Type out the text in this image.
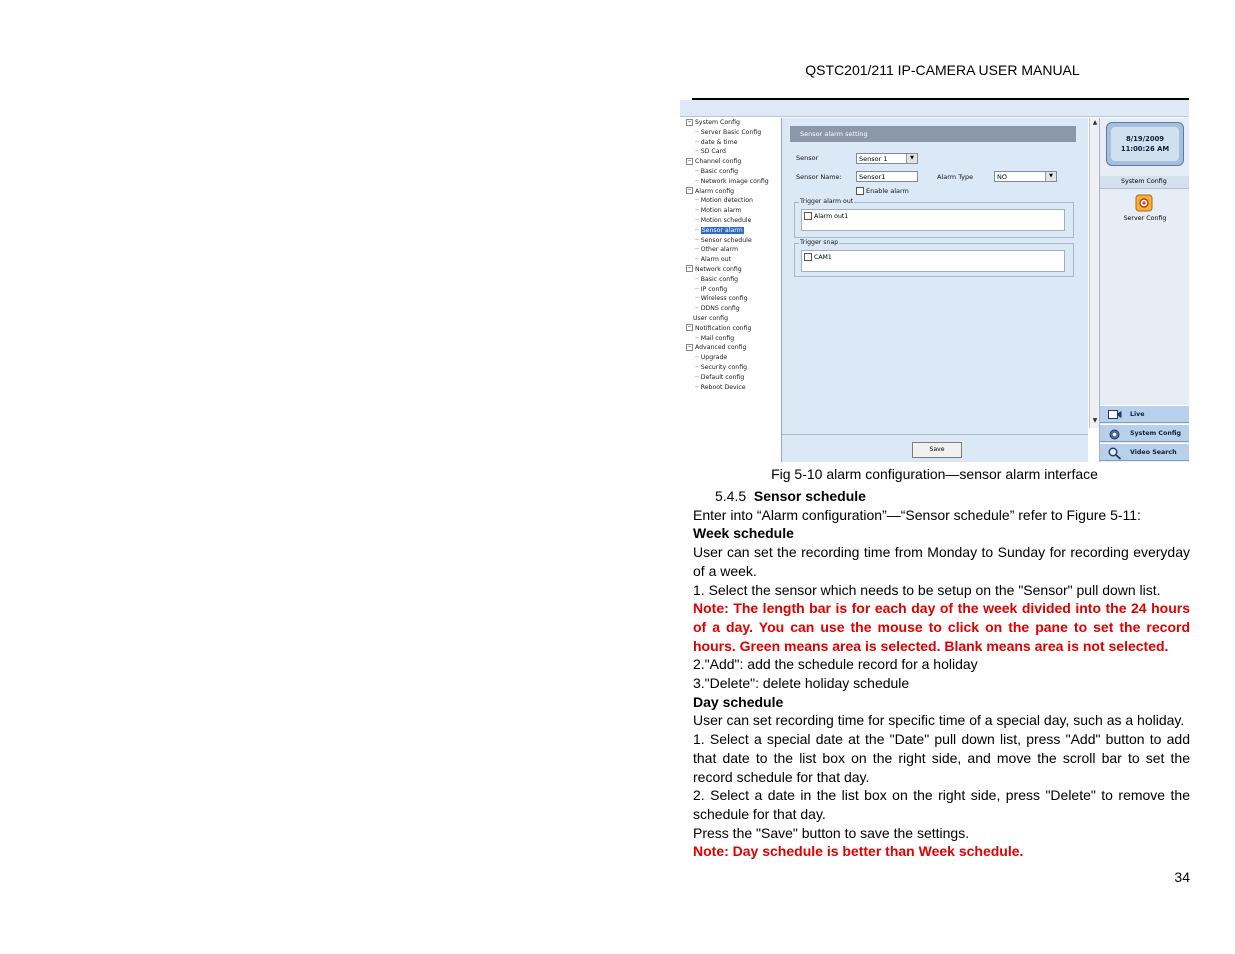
QSTC201/211 IP-CAMERA USER MANUAL
− System Config
─ Server Basic Config
─ date & time
─ SD Card
− Channel config
─ Basic config
─ Network image config
− Alarm config
─ Motion detection
─ Motion alarm
─ Motion schedule
─ Sensor alarm
─ Sensor schedule
─ Other alarm
─ Alarm out
− Network config
─ Basic config
─ IP config
─ Wireless config
─ DDNS config
User config
− Notification config
─ Mail config
− Advanced config
─ Upgrade
─ Security config
─ Default config
─ Reboot Device
Sensor alarm setting
Sensor	Sensor 1	▼
Sensor Name:	Sensor1	Alarm Type	NO	▼
Enable alarm
Trigger alarm out
Alarm out1
Trigger snap
CAM1
Save
▲
▼
8/19/2009
11:00:26 AM
System Config
Server Config
Live
System Config
Video Search
Fig 5-10 alarm configuration—sensor alarm interface

5.4.5 Sensor schedule

Enter into “Alarm configuration”—“Sensor schedule” refer to Figure 5-11:

Week schedule

User can set the recording time from Monday to Sunday for recording everyday of a week.

1. Select the sensor which needs to be setup on the "Sensor" pull down list.

Note: The length bar is for each day of the week divided into the 24 hours of a day. You can use the mouse to click on the pane to set the record hours. Green means area is selected. Blank means area is not selected.

2."Add": add the schedule record for a holiday

3."Delete": delete holiday schedule

Day schedule

User can set recording time for specific time of a special day, such as a holiday.

1. Select a special date at the "Date" pull down list, press "Add" button to add that date to the list box on the right side, and move the scroll bar to set the record schedule for that day.

2. Select a date in the list box on the right side, press "Delete" to remove the schedule for that day.

Press the "Save" button to save the settings.

Note: Day schedule is better than Week schedule.

34
